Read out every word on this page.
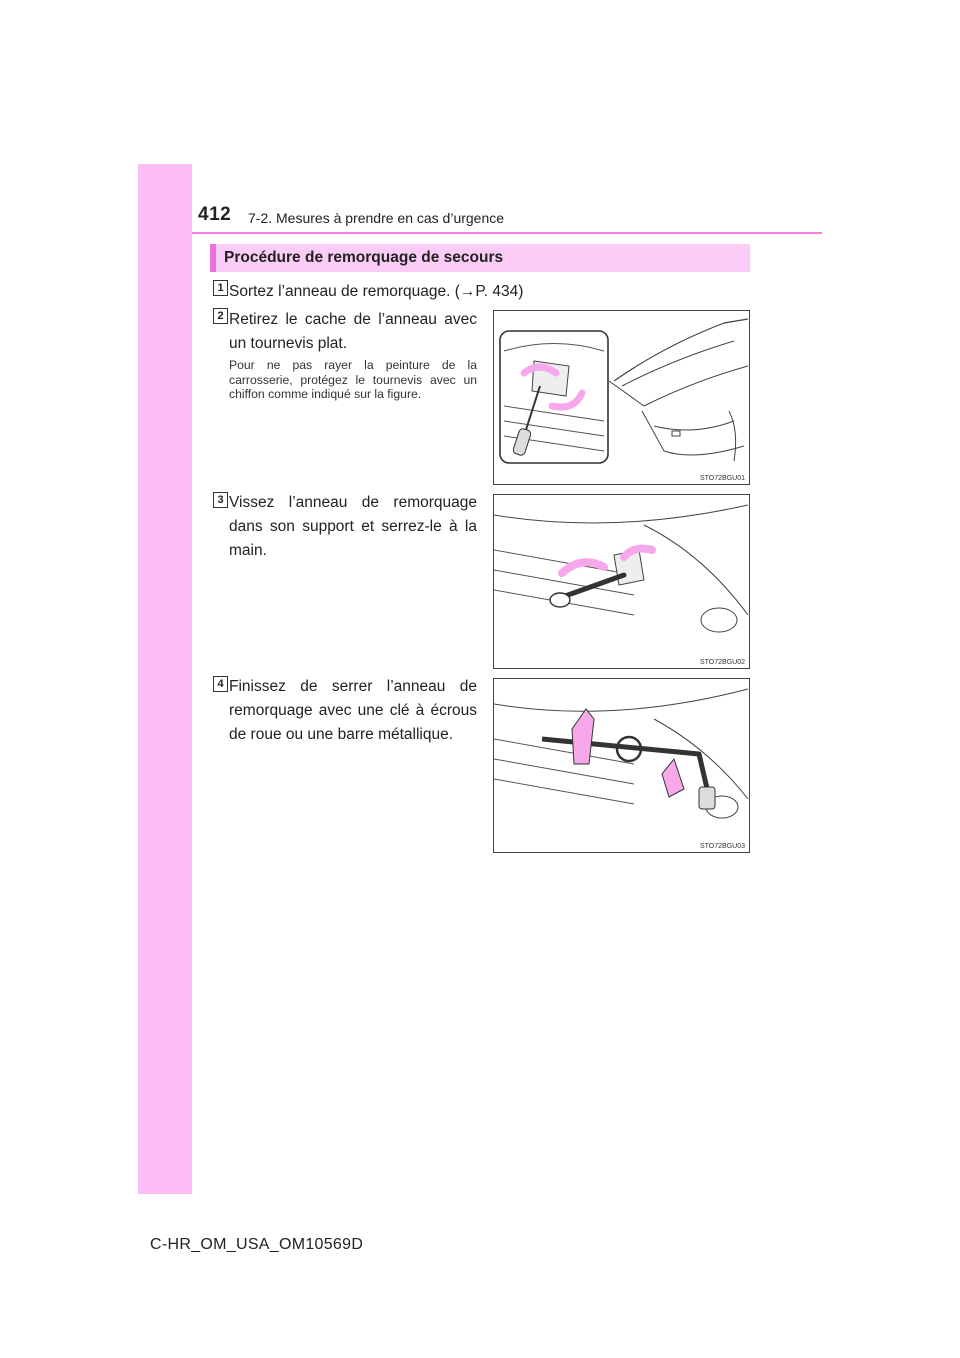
412 7-2. Mesures à prendre en cas d’urgence
Procédure de remorquage de secours
1 Sortez l’anneau de remorquage. (→P. 434)
2 Retirez le cache de l’anneau avec un tournevis plat.
Pour ne pas rayer la peinture de la carrosserie, protégez le tournevis avec un chiffon comme indiqué sur la figure.
STO72BGU01
3 Vissez l’anneau de remorquage dans son support et serrez-le à la main.
STO72BGU02
4 Finissez de serrer l’anneau de remorquage avec une clé à écrous de roue ou une barre métallique.
STO72BGU03
C-HR_OM_USA_OM10569D
